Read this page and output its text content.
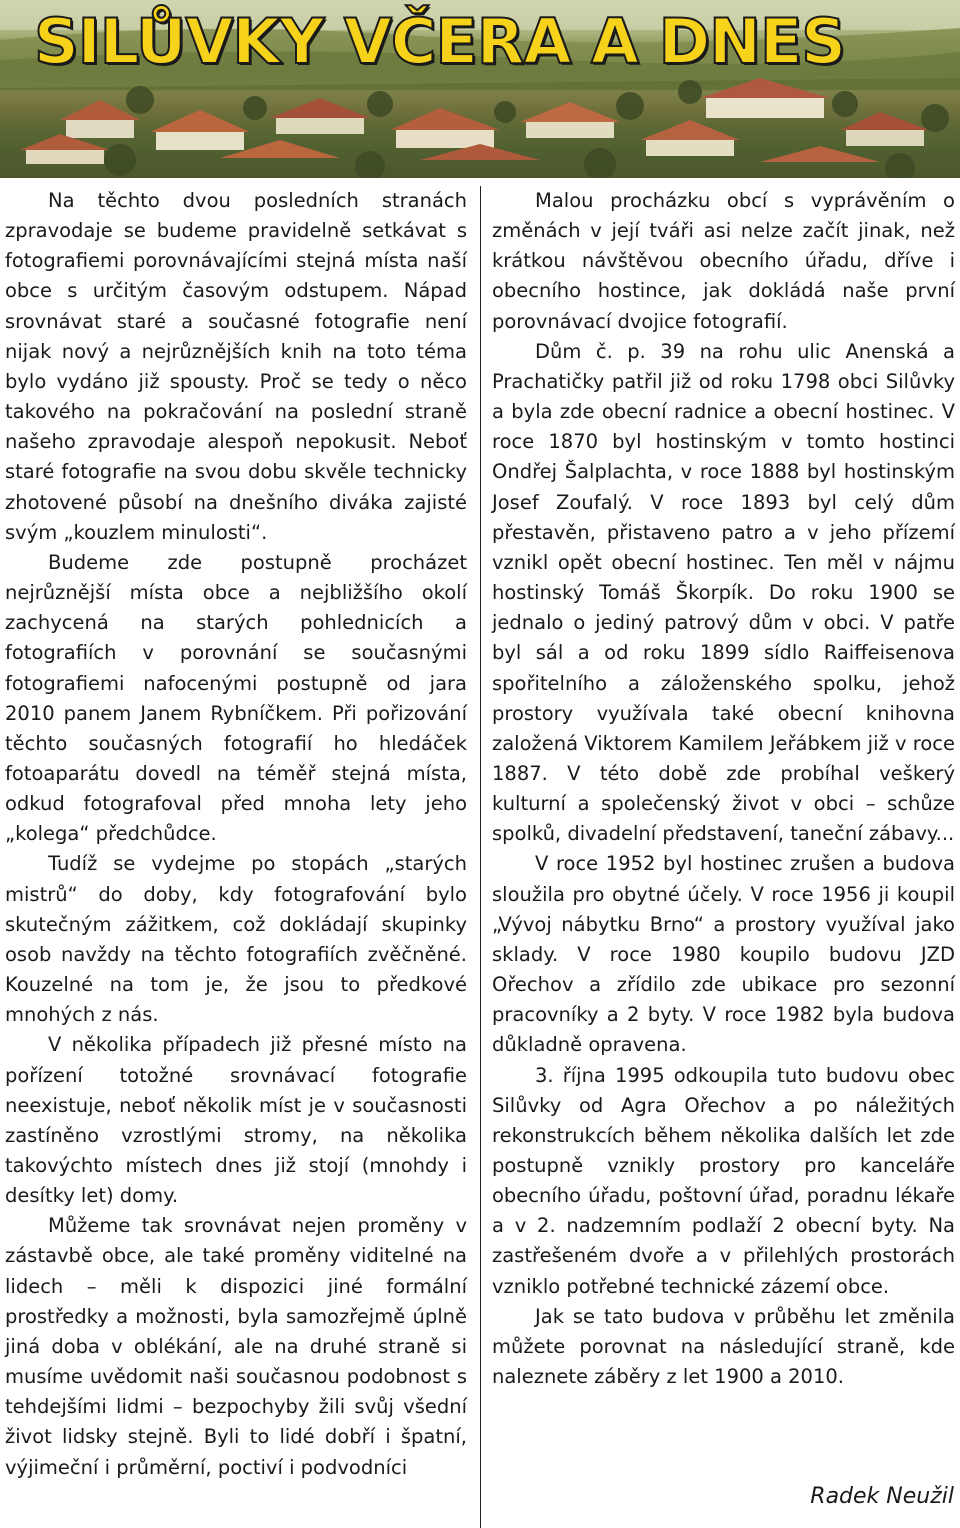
SILŮVKY VČERA A DNES

Na těchto dvou posledních stranách zpravodaje se budeme pravidelně setkávat s fotografiemi porovnávajícími stejná místa naší obce s určitým časovým odstupem. Nápad srovnávat staré a současné fotografie není nijak nový a nejrůznějších knih na toto téma bylo vydáno již spousty. Proč se tedy o něco takového na pokračování na poslední straně našeho zpravodaje alespoň nepokusit. Neboť staré fotografie na svou dobu skvěle technicky zhotovené působí na dnešního diváka zajisté svým „kouzlem minulosti“.

Budeme zde postupně procházet nejrůznější místa obce a nejbližšího okolí zachycená na starých pohlednicích a fotografiích v porovnání se současnými fotografiemi nafocenými postupně od jara 2010 panem Janem Rybníčkem. Při pořizování těchto současných fotografií ho hledáček fotoaparátu dovedl na téměř stejná místa, odkud fotografoval před mnoha lety jeho „kolega“ předchůdce.

Tudíž se vydejme po stopách „starých mistrů“ do doby, kdy fotografování bylo skutečným zážitkem, což dokládají skupinky osob navždy na těchto fotografiích zvěčněné. Kouzelné na tom je, že jsou to předkové mnohých z nás.

V několika případech již přesné místo na pořízení totožné srovnávací fotografie neexistuje, neboť několik míst je v současnosti zastíněno vzrostlými stromy, na několika takovýchto místech dnes již stojí (mnohdy i desítky let) domy.

Můžeme tak srovnávat nejen proměny v zástavbě obce, ale také proměny viditelné na lidech – měli k dispozici jiné formální prostředky a možnosti, byla samozřejmě úplně jiná doba v oblékání, ale na druhé straně si musíme uvědomit naši současnou podobnost s tehdejšími lidmi – bezpochyby žili svůj všední život lidsky stejně. Byli to lidé dobří i špatní, výjimeční i průměrní, poctiví i podvodníci

Malou procházku obcí s vyprávěním o změnách v její tváři asi nelze začít jinak, než krátkou návštěvou obecního úřadu, dříve i obecního hostince, jak dokládá naše první porovnávací dvojice fotografií.

Dům č. p. 39 na rohu ulic Anenská a Prachatičky patřil již od roku 1798 obci Silůvky a byla zde obecní radnice a obecní hostinec. V roce 1870 byl hostinským v tomto hostinci Ondřej Šalplachta, v roce 1888 byl hostinským Josef Zoufalý. V roce 1893 byl celý dům přestavěn, přistaveno patro a v jeho přízemí vznikl opět obecní hostinec. Ten měl v nájmu hostinský Tomáš Škorpík. Do roku 1900 se jednalo o jediný patrový dům v obci. V patře byl sál a od roku 1899 sídlo Raiffeisenova spořitelního a záloženského spolku, jehož prostory využívala také obecní knihovna založená Viktorem Kamilem Jeřábkem již v roce 1887. V této době zde probíhal veškerý kulturní a společenský život v obci – schůze spolků, divadelní představení, taneční zábavy...

V roce 1952 byl hostinec zrušen a budova sloužila pro obytné účely. V roce 1956 ji koupil „Vývoj nábytku Brno“ a prostory využíval jako sklady. V roce 1980 koupilo budovu JZD Ořechov a zřídilo zde ubikace pro sezonní pracovníky a 2 byty. V roce 1982 byla budova důkladně opravena.

3. října 1995 odkoupila tuto budovu obec Silůvky od Agra Ořechov a po náležitých rekonstrukcích během několika dalších let zde postupně vznikly prostory pro kanceláře obecního úřadu, poštovní úřad, poradnu lékaře a v 2. nadzemním podlaží 2 obecní byty. Na zastřešeném dvoře a v přilehlých prostorách vzniklo potřebné technické zázemí obce.

Jak se tato budova v průběhu let změnila můžete porovnat na následující straně, kde naleznete záběry z let 1900 a 2010.

Radek Neužil
